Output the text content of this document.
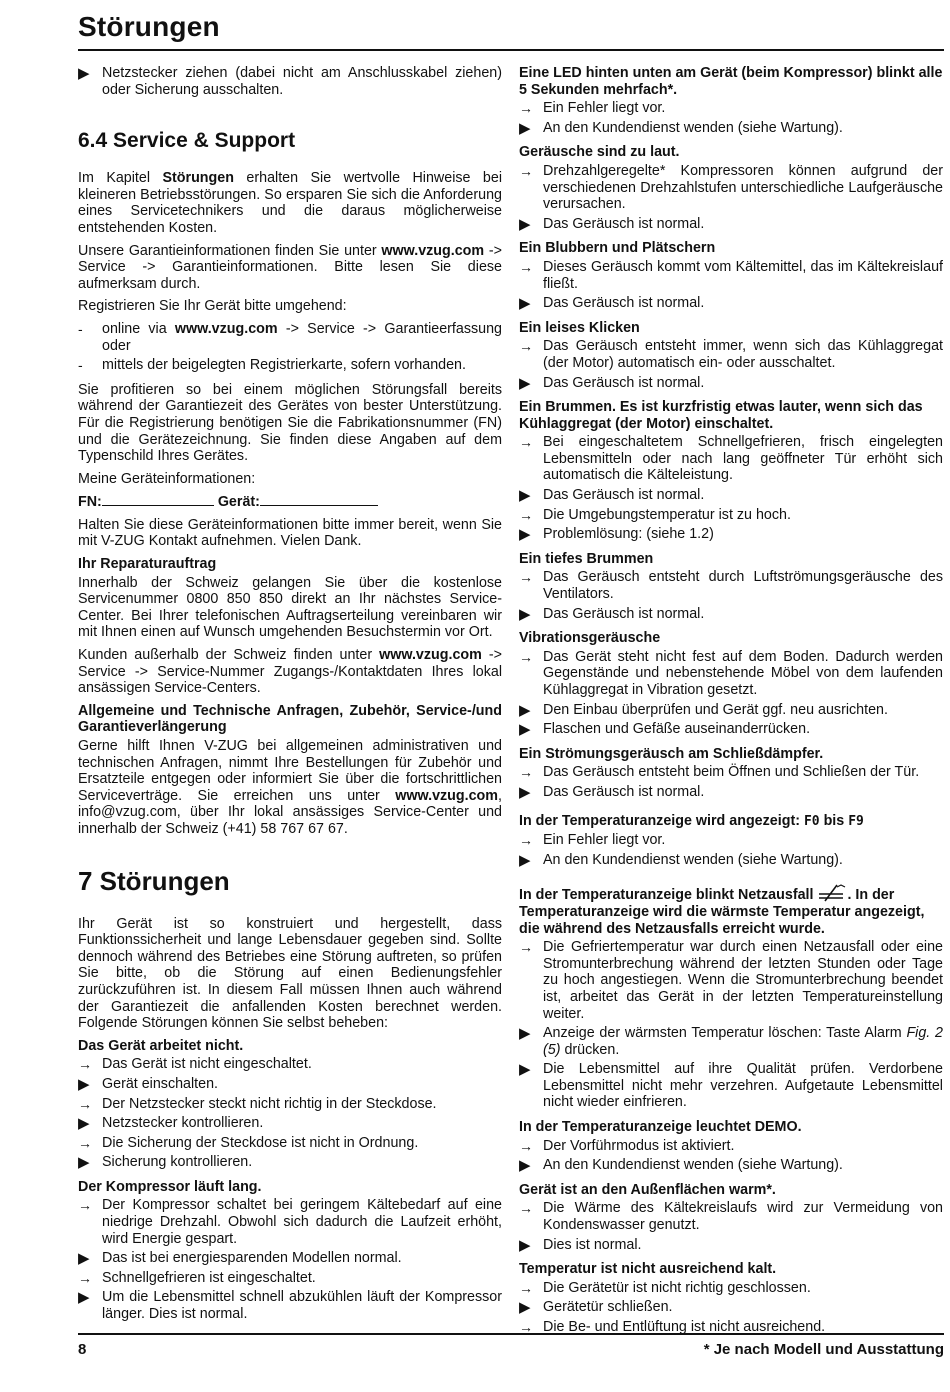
Störungen
▶
Netzstecker ziehen (dabei nicht am Anschlusskabel ziehen) oder Sicherung ausschalten.
6.4 Service & Support

Im Kapitel Störungen erhalten Sie wertvolle Hinweise bei kleineren Betriebsstörungen. So ersparen Sie sich die Anforderung eines Servicetechnikers und die daraus möglicherweise entstehenden Kosten.

Unsere Garantieinformationen finden Sie unter www.vzug.com -> Service -> Garantieinformationen. Bitte lesen Sie diese aufmerksam durch.

Registrieren Sie Ihr Gerät bitte umgehend:

-	online via www.vzug.com -> Service -> Garantieerfassung oder
-	mittels der beigelegten Registrierkarte, sofern vorhanden.

Sie profitieren so bei einem möglichen Störungsfall bereits während der Garantiezeit des Gerätes von bester Unterstützung. Für die Registrierung benötigen Sie die Fabrikationsnummer (FN) und die Gerätezeichnung. Sie finden diese Angaben auf dem Typenschild Ihres Gerätes.

Meine Geräteinformationen:

FN:	Gerät:

Halten Sie diese Geräteinformationen bitte immer bereit, wenn Sie mit V-ZUG Kontakt aufnehmen. Vielen Dank.

Ihr Reparaturauftrag

Innerhalb der Schweiz gelangen Sie über die kostenlose Servicenummer 0800 850 850 direkt an Ihr nächstes Service-Center. Bei Ihrer telefonischen Auftragserteilung vereinbaren wir mit Ihnen einen auf Wunsch umgehenden Besuchstermin vor Ort.

Kunden außerhalb der Schweiz finden unter www.vzug.com -> Service -> Service-Nummer Zugangs-/Kontaktdaten Ihres lokal ansässigen Service-Centers.

Allgemeine und Technische Anfragen, Zubehör, Service-/und Garantieverlängerung

Gerne hilft Ihnen V-ZUG bei allgemeinen administrativen und technischen Anfragen, nimmt Ihre Bestellungen für Zubehör und Ersatzteile entgegen oder informiert Sie über die fortschrittlichen Serviceverträge. Sie erreichen uns unter www.vzug.com, info@vzug.com, über Ihr lokal ansässiges Service-Center und innerhalb der Schweiz (+41) 58 767 67 67.

7 Störungen

Ihr Gerät ist so konstruiert und hergestellt, dass Funktionssicherheit und lange Lebensdauer gegeben sind. Sollte dennoch während des Betriebes eine Störung auftreten, so prüfen Sie bitte, ob die Störung auf einen Bedienungsfehler zurückzuführen ist. In diesem Fall müssen Ihnen auch während der Garantiezeit die anfallenden Kosten berechnet werden. Folgende Störungen können Sie selbst beheben:

Das Gerät arbeitet nicht.

→
Das Gerät ist nicht eingeschaltet.
▶
Gerät einschalten.
→
Der Netzstecker steckt nicht richtig in der Steckdose.
▶
Netzstecker kontrollieren.
→
Die Sicherung der Steckdose ist nicht in Ordnung.
▶
Sicherung kontrollieren.

Der Kompressor läuft lang.

→
Der Kompressor schaltet bei geringem Kältebedarf auf eine niedrige Drehzahl. Obwohl sich dadurch die Laufzeit erhöht, wird Energie gespart.
▶
Das ist bei energiesparenden Modellen normal.
→
Schnellgefrieren ist eingeschaltet.
▶
Um die Lebensmittel schnell abzukühlen läuft der Kompressor länger. Dies ist normal.

Eine LED hinten unten am Gerät (beim Kompressor) blinkt alle 5 Sekunden mehrfach*.

→
Ein Fehler liegt vor.
▶
An den Kundendienst wenden (siehe Wartung).

Geräusche sind zu laut.

→
Drehzahlgeregelte* Kompressoren können aufgrund der verschiedenen Drehzahlstufen unterschiedliche Laufgeräusche verursachen.
▶
Das Geräusch ist normal.

Ein Blubbern und Plätschern

→
Dieses Geräusch kommt vom Kältemittel, das im Kältekreislauf fließt.
▶
Das Geräusch ist normal.

Ein leises Klicken

→
Das Geräusch entsteht immer, wenn sich das Kühlaggregat (der Motor) automatisch ein- oder ausschaltet.
▶
Das Geräusch ist normal.

Ein Brummen. Es ist kurzfristig etwas lauter, wenn sich das Kühlaggregat (der Motor) einschaltet.

→
Bei eingeschaltetem Schnellgefrieren, frisch eingelegten Lebensmitteln oder nach lang geöffneter Tür erhöht sich automatisch die Kälteleistung.
▶
Das Geräusch ist normal.
→
Die Umgebungstemperatur ist zu hoch.
▶
Problemlösung: (siehe 1.2)

Ein tiefes Brummen

→
Das Geräusch entsteht durch Luftströmungsgeräusche des Ventilators.
▶
Das Geräusch ist normal.

Vibrationsgeräusche

→
Das Gerät steht nicht fest auf dem Boden. Dadurch werden Gegenstände und nebenstehende Möbel von dem laufenden Kühlaggregat in Vibration gesetzt.
▶
Den Einbau überprüfen und Gerät ggf. neu ausrichten.
▶
Flaschen und Gefäße auseinanderrücken.

Ein Strömungsgeräusch am Schließdämpfer.

→
Das Geräusch entsteht beim Öffnen und Schließen der Tür.
▶
Das Geräusch ist normal.

In der Temperaturanzeige wird angezeigt: F0 bis F9

→
Ein Fehler liegt vor.
▶
An den Kundendienst wenden (siehe Wartung).

In der Temperaturanzeige blinkt Netzausfall . In der Temperaturanzeige wird die wärmste Temperatur angezeigt, die während des Netzausfalls erreicht wurde.

→
Die Gefriertemperatur war durch einen Netzausfall oder eine Stromunterbrechung während der letzten Stunden oder Tage zu hoch angestiegen. Wenn die Stromunterbrechung beendet ist, arbeitet das Gerät in der letzten Temperatureinstellung weiter.
▶
Anzeige der wärmsten Temperatur löschen: Taste Alarm Fig. 2 (5) drücken.
▶
Die Lebensmittel auf ihre Qualität prüfen. Verdorbene Lebensmittel nicht mehr verzehren. Aufgetaute Lebensmittel nicht wieder einfrieren.

In der Temperaturanzeige leuchtet DEMO.

→
Der Vorführmodus ist aktiviert.
▶
An den Kundendienst wenden (siehe Wartung).

Gerät ist an den Außenflächen warm*.

→
Die Wärme des Kältekreislaufs wird zur Vermeidung von Kondenswasser genutzt.
▶
Dies ist normal.

Temperatur ist nicht ausreichend kalt.

→
Die Gerätetür ist nicht richtig geschlossen.
▶
Gerätetür schließen.
→
Die Be- und Entlüftung ist nicht ausreichend.
8	* Je nach Modell und Ausstattung
